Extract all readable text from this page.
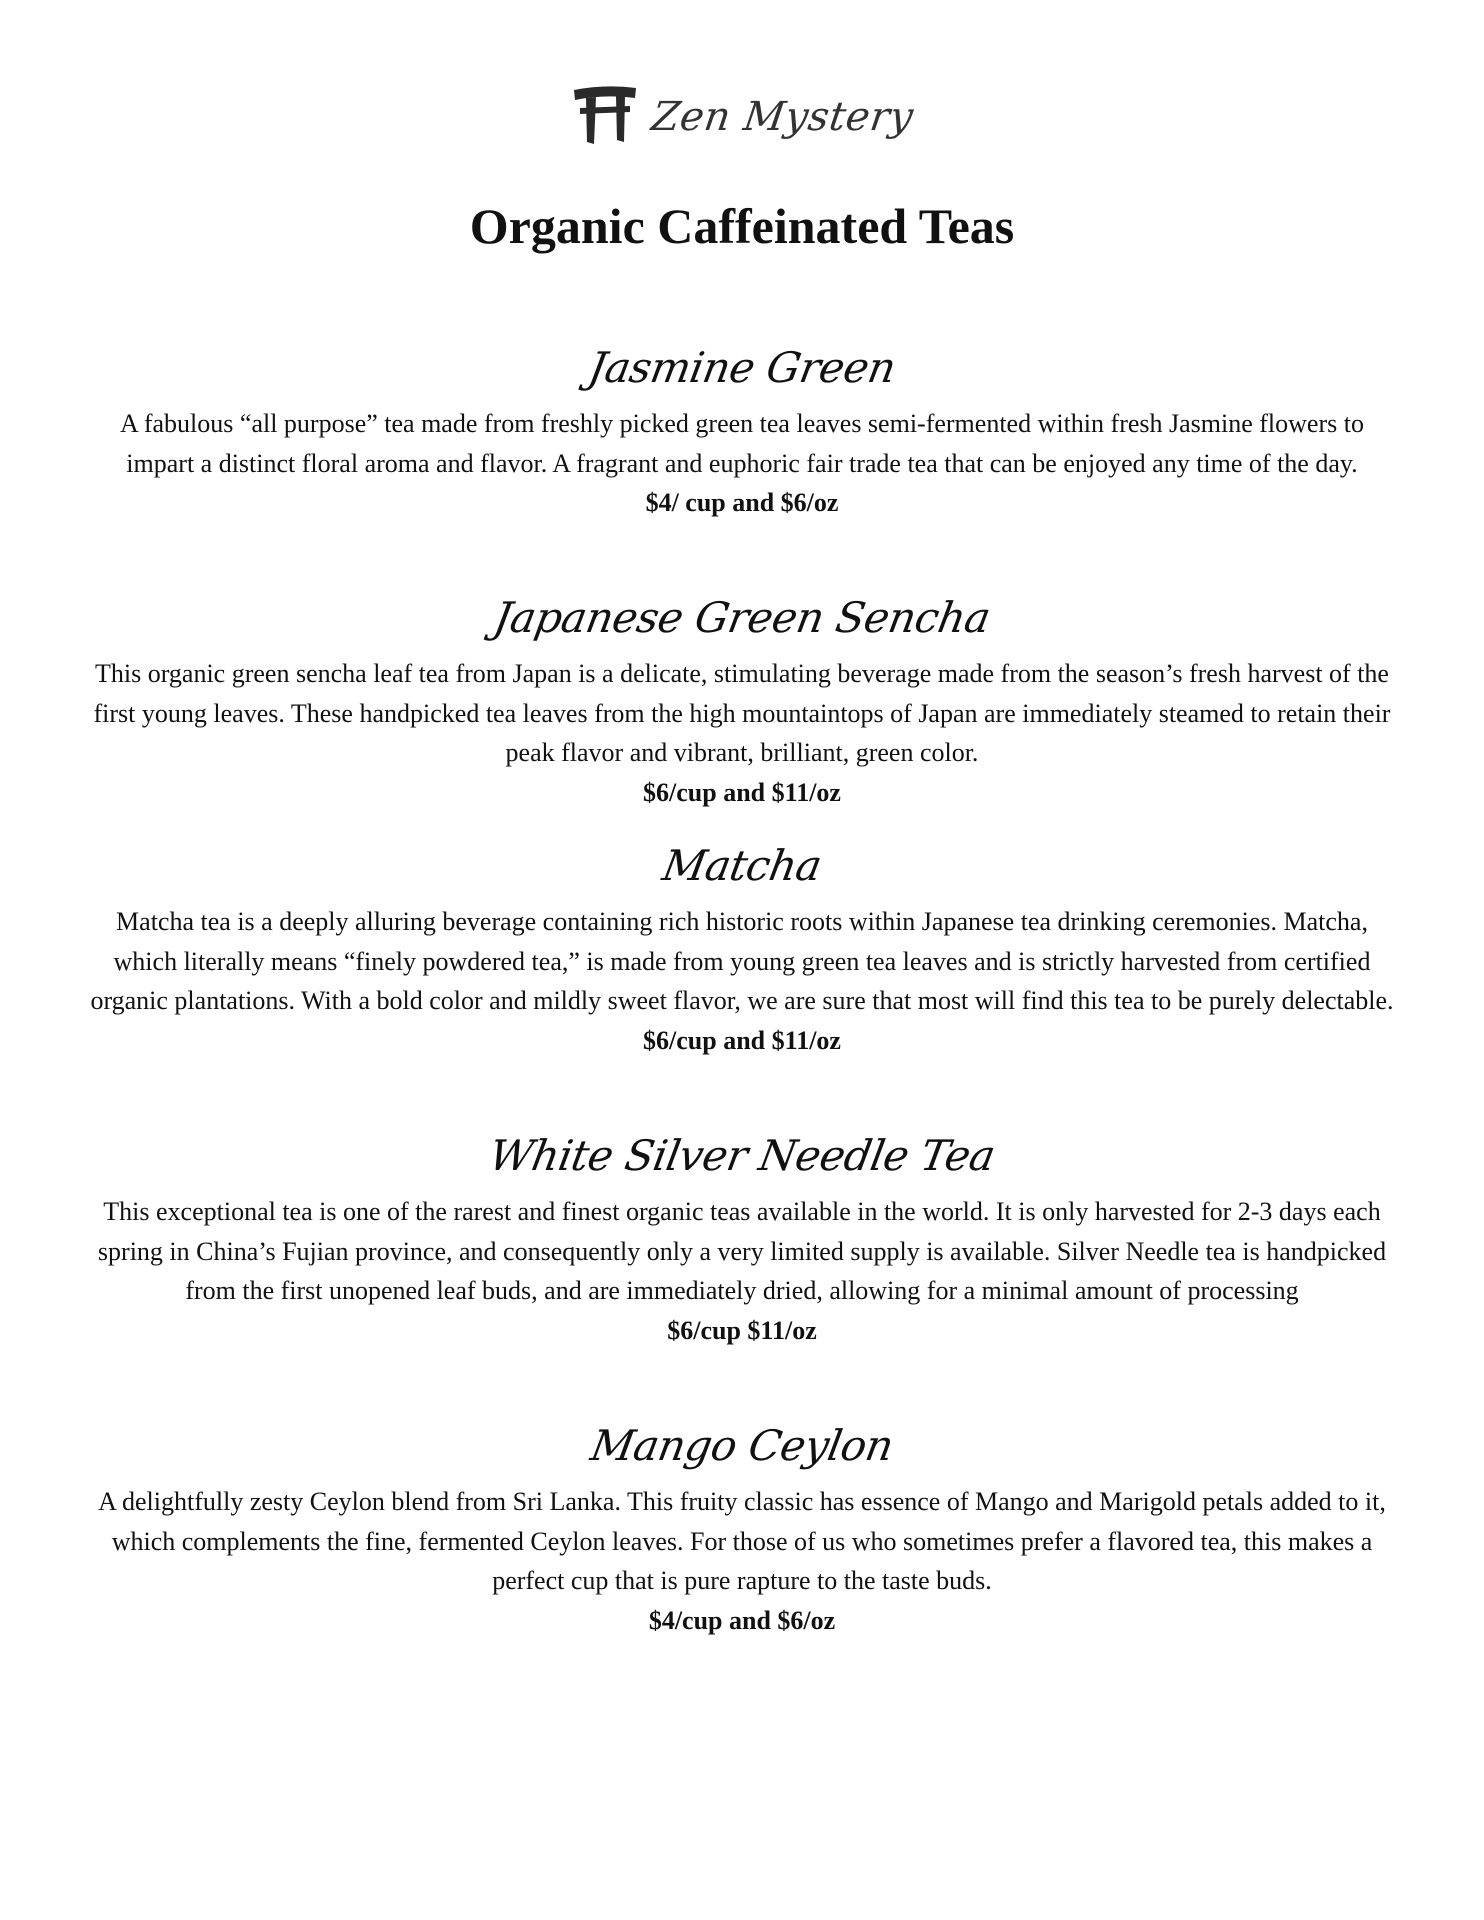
Zen Mystery
Organic Caffeinated Teas
Jasmine Green

A fabulous “all purpose” tea made from freshly picked green tea leaves semi-fermented within fresh Jasmine flowers to impart a distinct floral aroma and flavor. A fragrant and euphoric fair trade tea that can be enjoyed any time of the day.

$4/ cup and $6/oz

Japanese Green Sencha

This organic green sencha leaf tea from Japan is a delicate, stimulating beverage made from the season’s fresh harvest of the first young leaves. These handpicked tea leaves from the high mountaintops of Japan are immediately steamed to retain their peak flavor and vibrant, brilliant, green color.

$6/cup and $11/oz

Matcha

Matcha tea is a deeply alluring beverage containing rich historic roots within Japanese tea drinking ceremonies. Matcha, which literally means “finely powdered tea,” is made from young green tea leaves and is strictly harvested from certified organic plantations. With a bold color and mildly sweet flavor, we are sure that most will find this tea to be purely delectable.

$6/cup and $11/oz

White Silver Needle Tea

This exceptional tea is one of the rarest and finest organic teas available in the world. It is only harvested for 2-3 days each spring in China’s Fujian province, and consequently only a very limited supply is available. Silver Needle tea is handpicked from the first unopened leaf buds, and are immediately dried, allowing for a minimal amount of processing

$6/cup $11/oz

Mango Ceylon

A delightfully zesty Ceylon blend from Sri Lanka. This fruity classic has essence of Mango and Marigold petals added to it, which complements the fine, fermented Ceylon leaves. For those of us who sometimes prefer a flavored tea, this makes a perfect cup that is pure rapture to the taste buds.

$4/cup and $6/oz
